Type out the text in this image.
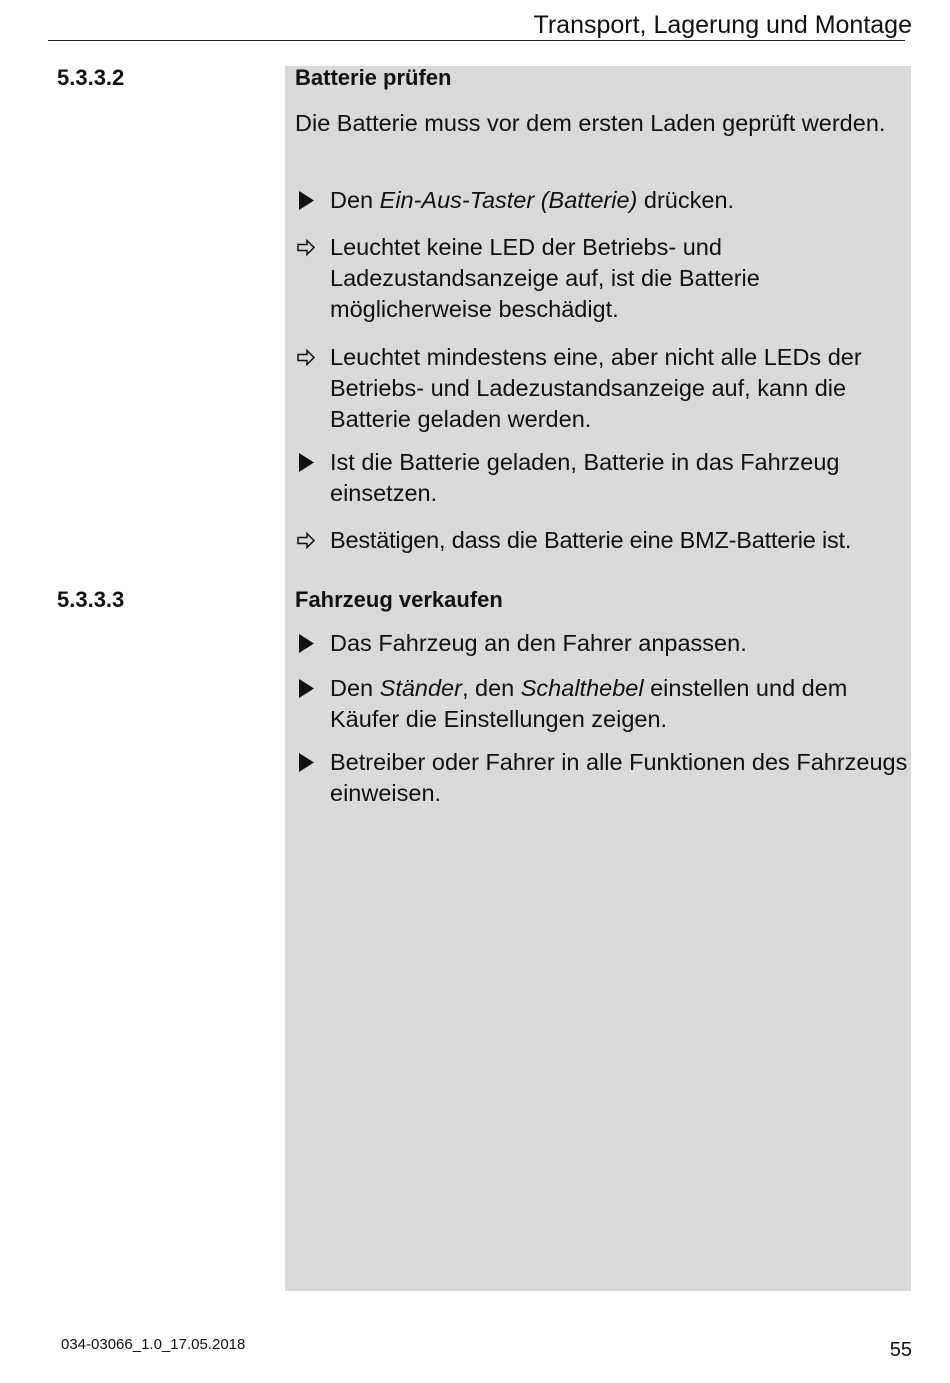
Transport, Lagerung und Montage
5.3.3.2	Batterie prüfen
Die Batterie muss vor dem ersten Laden geprüft werden.
Den Ein-Aus-Taster (Batterie) drücken.
Leuchtet keine LED der Betriebs- und Ladezustandsanzeige auf, ist die Batterie möglicherweise beschädigt.
Leuchtet mindestens eine, aber nicht alle LEDs der Betriebs- und Ladezustandsanzeige auf, kann die Batterie geladen werden.
Ist die Batterie geladen, Batterie in das Fahrzeug einsetzen.
Bestätigen, dass die Batterie eine BMZ-Batterie ist.
5.3.3.3	Fahrzeug verkaufen
Das Fahrzeug an den Fahrer anpassen.
Den Ständer, den Schalthebel einstellen und dem Käufer die Einstellungen zeigen.
Betreiber oder Fahrer in alle Funktionen des Fahrzeugs einweisen.
034-03066_1.0_17.05.2018	55
